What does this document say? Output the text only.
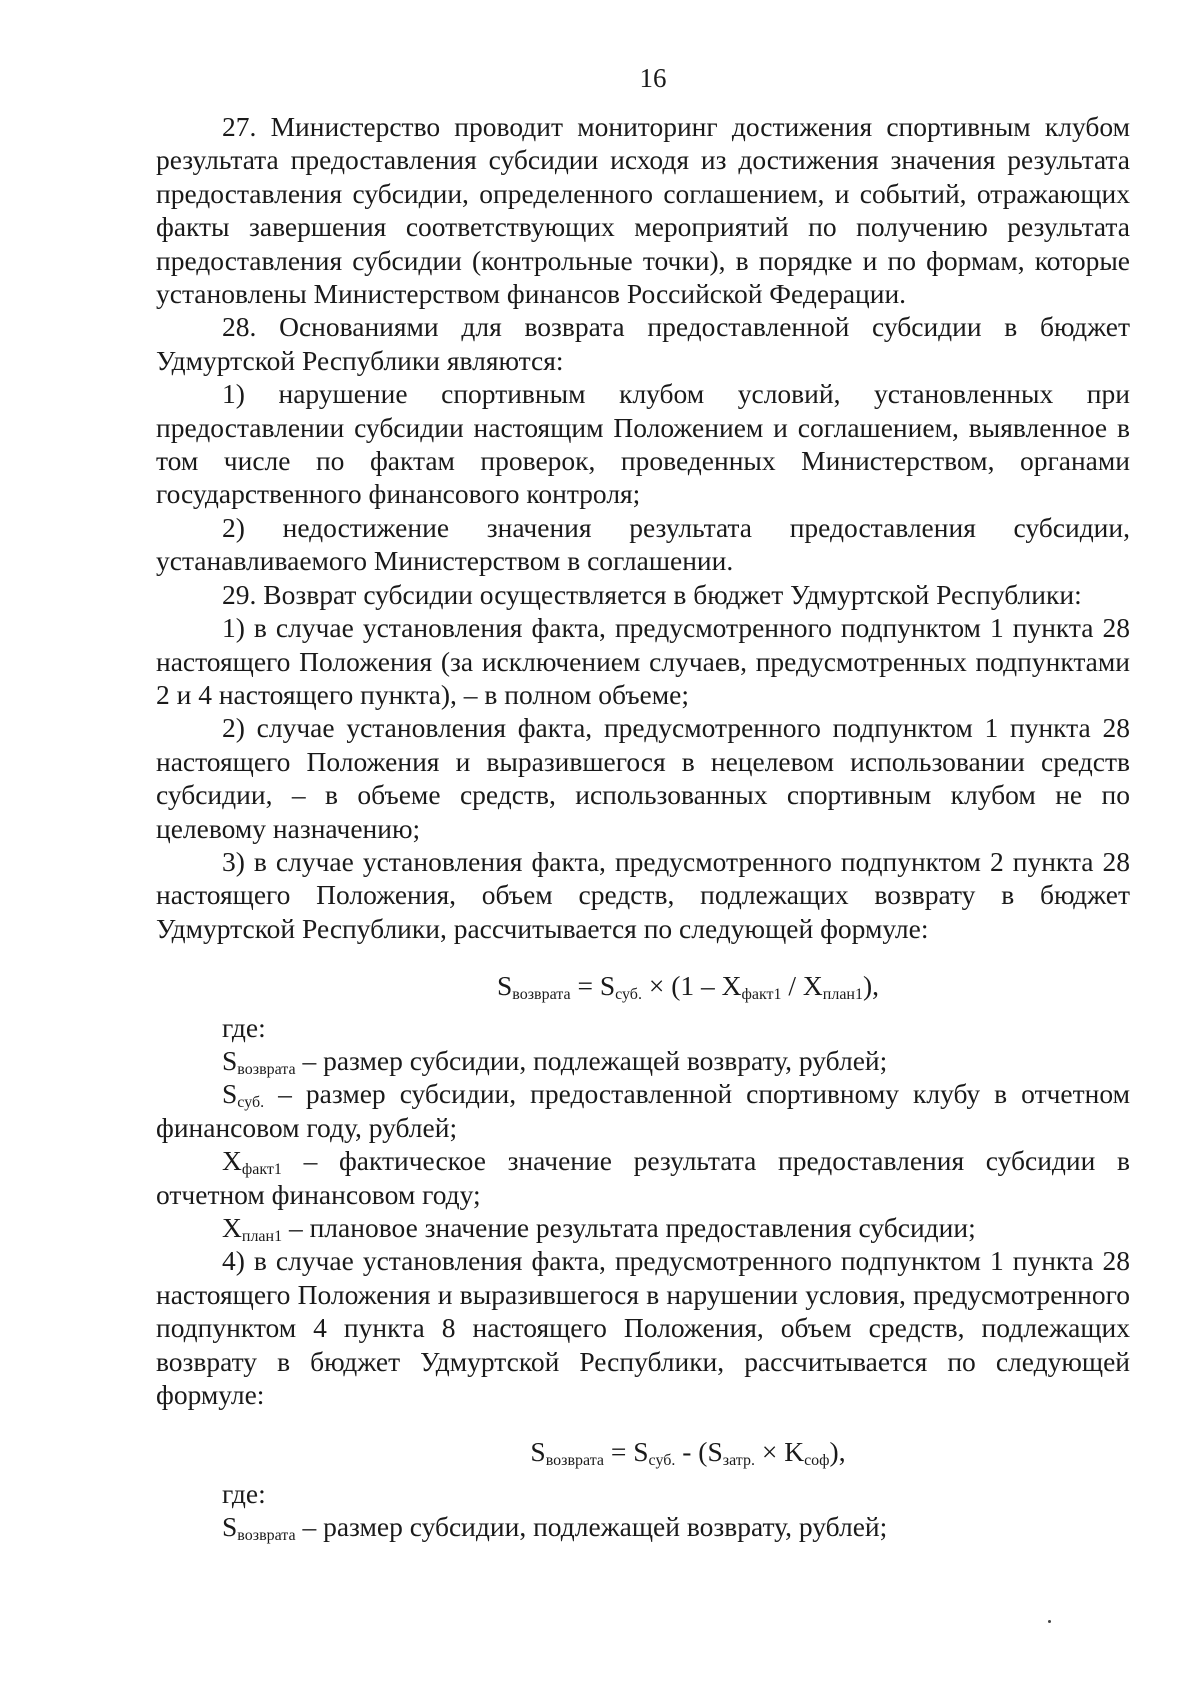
16

27. Министерство проводит мониторинг достижения спортивным клубом результата предоставления субсидии исходя из достижения значения результата предоставления субсидии, определенного соглашением, и событий, отражающих факты завершения соответствующих мероприятий по получению результата предоставления субсидии (контрольные точки), в порядке и по формам, которые установлены Министерством финансов Российской Федерации.

28. Основаниями для возврата предоставленной субсидии в бюджет Удмуртской Республики являются:

1) нарушение спортивным клубом условий, установленных при предоставлении субсидии настоящим Положением и соглашением, выявленное в том числе по фактам проверок, проведенных Министерством, органами государственного финансового контроля;

2) недостижение значения результата предоставления субсидии, устанавливаемого Министерством в соглашении.

29. Возврат субсидии осуществляется в бюджет Удмуртской Республики:

1) в случае установления факта, предусмотренного подпунктом 1 пункта 28 настоящего Положения (за исключением случаев, предусмотренных подпунктами 2 и 4 настоящего пункта), – в полном объеме;

2) случае установления факта, предусмотренного подпунктом 1 пункта 28 настоящего Положения и выразившегося в нецелевом использовании средств субсидии, – в объеме средств, использованных спортивным клубом не по целевому назначению;

3) в случае установления факта, предусмотренного подпунктом 2 пункта 28 настоящего Положения, объем средств, подлежащих возврату в бюджет Удмуртской Республики, рассчитывается по следующей формуле:

$S_{возврата} = S_{суб.} \times (1 - X_{факт1} / X_{план1})$,

где:

$S_{возврата}$ – размер субсидии, подлежащей возврату, рублей;

$S_{суб.}$ – размер субсидии, предоставленной спортивному клубу в отчетном финансовом году, рублей;

$X_{факт1}$ – фактическое значение результата предоставления субсидии в отчетном финансовом году;

$X_{план1}$ – плановое значение результата предоставления субсидии;

4) в случае установления факта, предусмотренного подпунктом 1 пункта 28 настоящего Положения и выразившегося в нарушении условия, предусмотренного подпунктом 4 пункта 8 настоящего Положения, объем средств, подлежащих возврату в бюджет Удмуртской Республики, рассчитывается по следующей формуле:

$S_{возврата} = S_{суб.} - (S_{затр.} \times K_{соф})$,

где:

$S_{возврата}$ – размер субсидии, подлежащей возврату, рублей;
